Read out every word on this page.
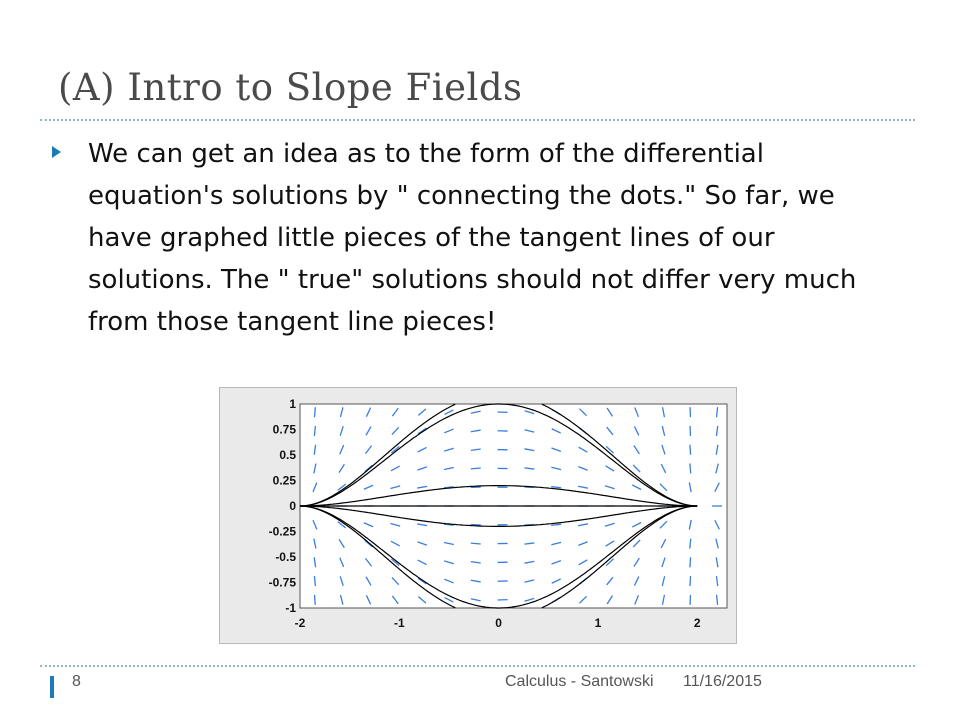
(A) Intro to Slope Fields

We can get an idea as to the form of the differential equation's solutions by " connecting the dots." So far, we have graphed little pieces of the tangent lines of our solutions. The " true" solutions should not differ very much from those tangent line pieces!

1
0.75
0.5
0.25
0
-0.25
-0.5
-0.75
-1
-2	-1	0	1	2
8	Calculus - Santowski 11/16/2015
